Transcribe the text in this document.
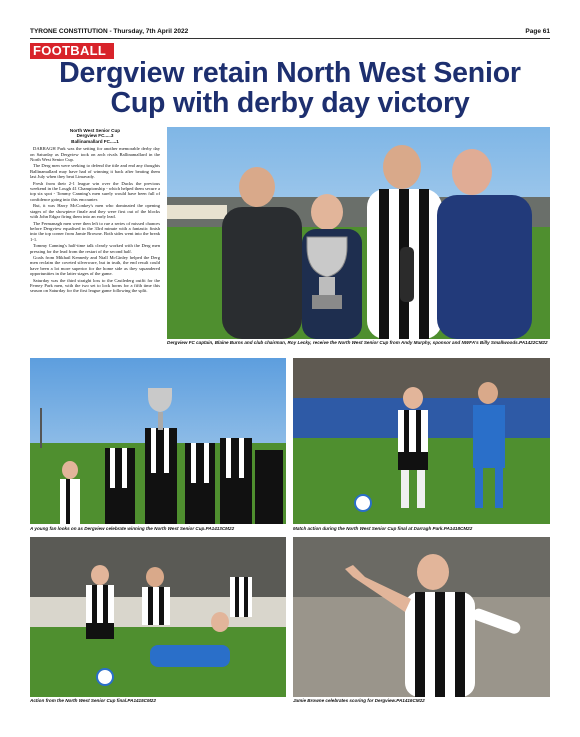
TYRONE CONSTITUTION - Thursday, 7th April 2022	Page 61
FOOTBALL
Dergview retain North West Senior Cup with derby day victory
North West Senior Cup
Dergview FC.....3
Ballinamallard FC.....1

DARRAGH Park was the setting for another memorable derby day on Saturday as Dergview took on arch rivals Ballinamallard in the North West Senior Cup.

The Derg men were seeking to defend the title and end any thoughts Ballinamallard may have had of winning it back after beating them last July when they beat Limavady.

Fresh from their 2-1 league win over the Ducks the previous weekend in the Lough 41 Championship - which helped them secure a top six spot - Tommy Canning's men surely would have been full of confidence going into this encounter.

But, it was Harry McConkey's men who dominated the opening stages of the showpiece finale and they were first out of the blocks with John Edgar firing them into an early lead.

The Fermanagh men were then left to rue a series of missed chances before Dergview equalised in the 33rd minute with a fantastic finish into the top corner from Jamie Browne. Both sides went into the break 1-1.

Tommy Canning's half-time talk clearly worked with the Derg men pressing for the lead from the restart of the second half.

Goals from Mikhail Kennedy and Niall McGinley helped the Derg men reclaim the coveted silverware, but in truth, the end result could have been a lot more superior for the home side as they squandered opportunities in the latter stages of the game.

Saturday was the third straight loss to the Castlederg outfit for the Ferney Park men, with the two set to lock horns for a fifth time this season on Saturday for the first league game following the split.

Dergview FC captain, Blaine Burns and club chairman, Roy Lecky, receive the North West Senior Cup from Andy Murphy, sponsor and NWFA's Billy Smallwoods.PA1422CM22
A young fan looks on as Dergview celebrate winning the North West Senior Cup.PA1413CM22	Match action during the North West Senior Cup final at Darragh Park.PA1418CM22
Action from the North West Senior Cup final.PA1415CM22	Jamie Browne celebrates scoring for Dergview.PA1416CM22
